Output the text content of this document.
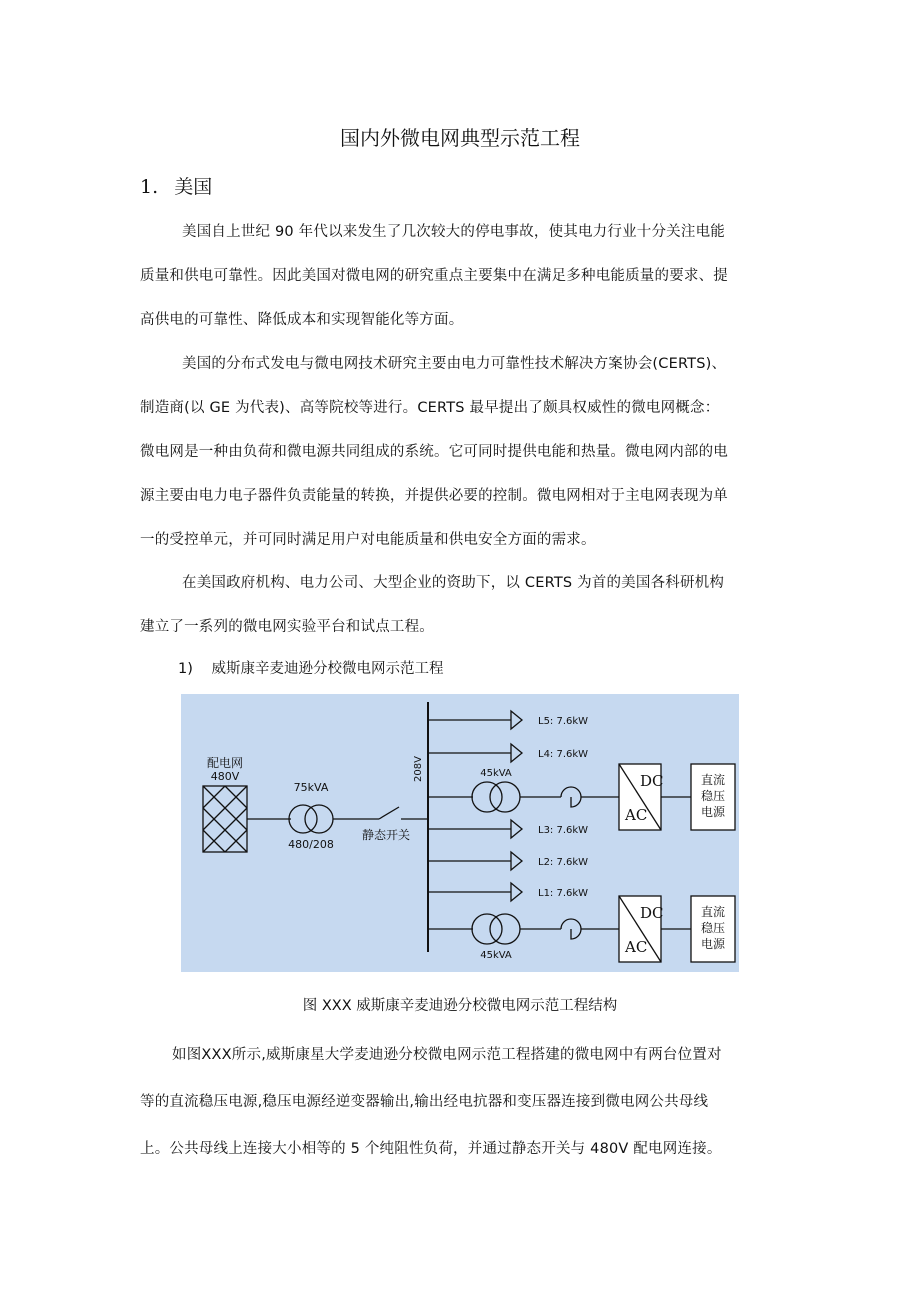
国内外微电网典型示范工程
1. 美国
美国自上世纪 90 年代以来发生了几次较大的停电事故，使其电力行业十分关注电能
质量和供电可靠性。因此美国对微电网的研究重点主要集中在满足多种电能质量的要求、提
高供电的可靠性、降低成本和实现智能化等方面。
美国的分布式发电与微电网技术研究主要由电力可靠性技术解决方案协会(CERTS)、
制造商(以 GE 为代表)、高等院校等进行。CERTS 最早提出了颇具权威性的微电网概念：
微电网是一种由负荷和微电源共同组成的系统。它可同时提供电能和热量。微电网内部的电
源主要由电力电子器件负责能量的转换，并提供必要的控制。微电网相对于主电网表现为单
一的受控单元，并可同时满足用户对电能质量和供电安全方面的需求。
在美国政府机构、电力公司、大型企业的资助下，以 CERTS 为首的美国各科研机构
建立了一系列的微电网实验平台和试点工程。
1) 威斯康辛麦迪逊分校微电网示范工程
配电网
480V
75kVA
480/208
静态开关
208V	45kVA
45kVA
L5: 7.6kW
L4: 7.6kW
L3: 7.6kW
L2: 7.6kW
L1: 7.6kW
DC
AC
DC
AC
直流
稳压
电源
直流
稳压
电源
图 XXX 威斯康辛麦迪逊分校微电网示范工程结构
如图XXX所示,威斯康星大学麦迪逊分校微电网示范工程搭建的微电网中有两台位置对
等的直流稳压电源,稳压电源经逆变器输出,输出经电抗器和变压器连接到微电网公共母线
上。公共母线上连接大小相等的 5 个纯阻性负荷，并通过静态开关与 480V 配电网连接。
